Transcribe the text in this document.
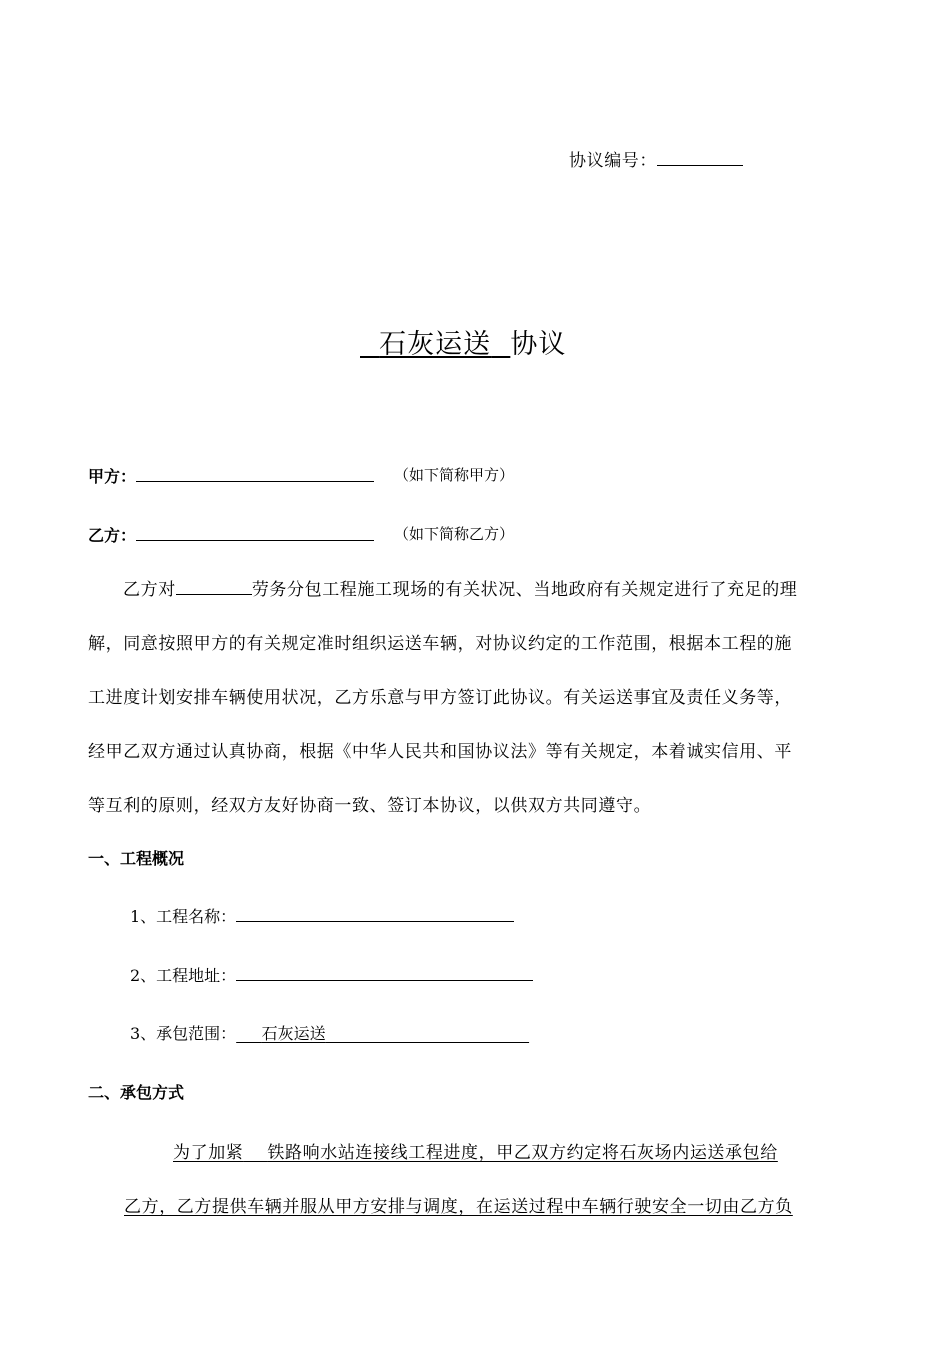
协议编号：
石灰运送 协议
甲方：	（如下简称甲方）
乙方：	（如下简称乙方）
乙方对	劳务分包工程施工现场的有关状况、当地政府有关规定进行了充足的理
解，同意按照甲方的有关规定准时组织运送车辆，对协议约定的工作范围，根据本工程的施
工进度计划安排车辆使用状况，乙方乐意与甲方签订此协议。有关运送事宜及责任义务等，
经甲乙双方通过认真协商，根据《中华人民共和国协议法》等有关规定，本着诚实信用、平
等互利的原则，经双方友好协商一致、签订本协议，以供双方共同遵守。
一、工程概况
1、工程名称：
2、工程地址：
3、承包范围： 石灰运送
二、承包方式
为了加紧 铁路响水站连接线工程进度，甲乙双方约定将石灰场内运送承包给
乙方，乙方提供车辆并服从甲方安排与调度，在运送过程中车辆行驶安全一切由乙方负
